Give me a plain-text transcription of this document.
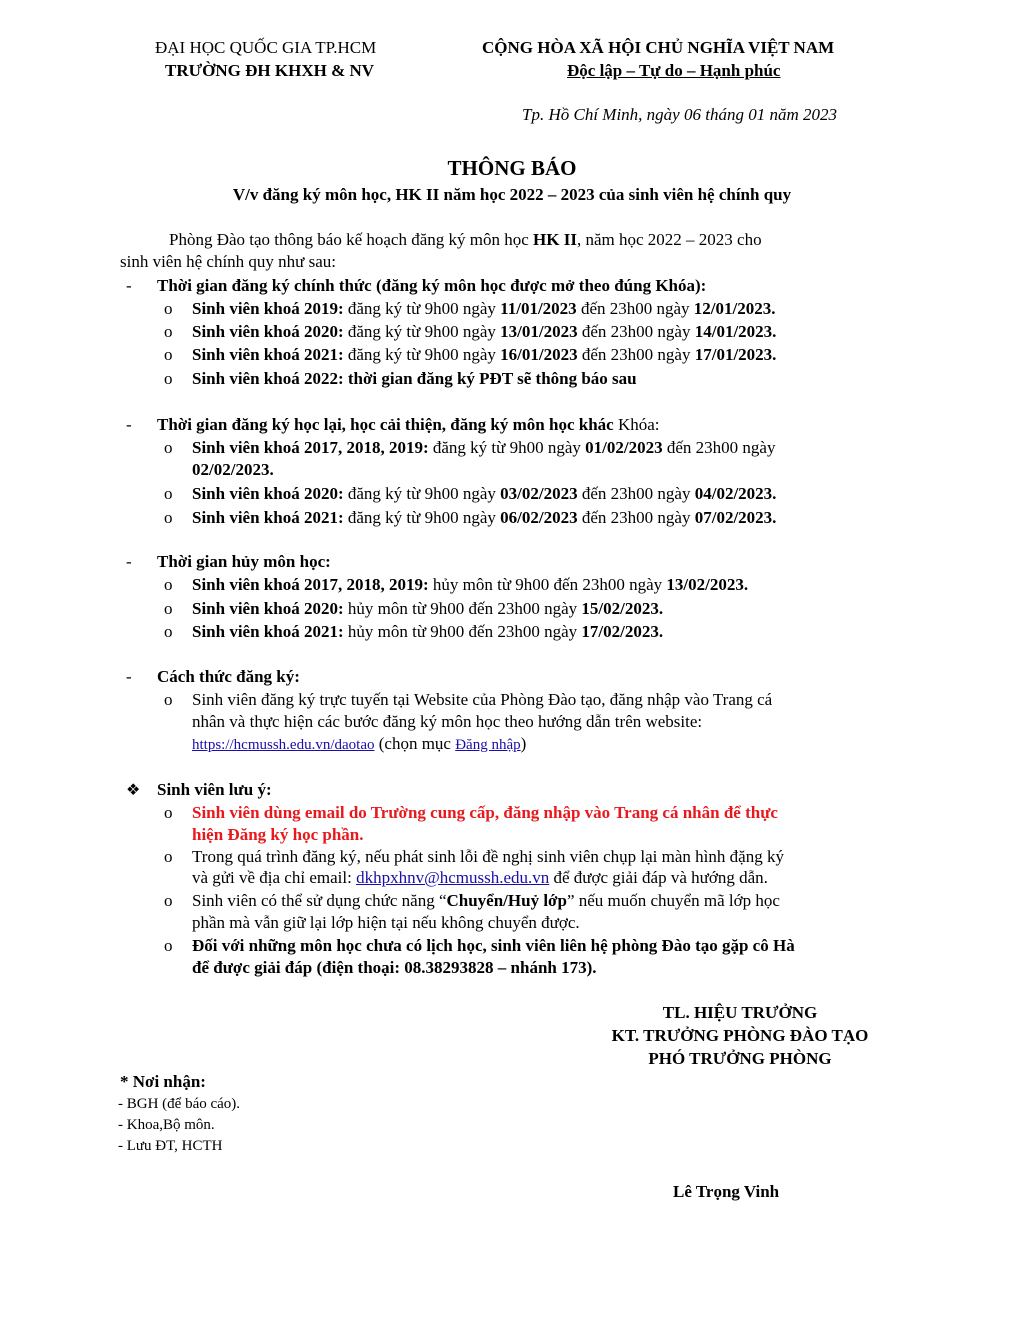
ĐẠI HỌC QUỐC GIA TP.HCM
TRƯỜNG ĐH KHXH & NV
CỘNG HÒA XÃ HỘI CHỦ NGHĨA VIỆT NAM
Độc lập – Tự do – Hạnh phúc
Tp. Hồ Chí Minh, ngày 06 tháng 01 năm 2023
THÔNG BÁO
V/v đăng ký môn học, HK II năm học 2022 – 2023 của sinh viên hệ chính quy
Phòng Đào tạo thông báo kế hoạch đăng ký môn học HK II, năm học 2022 – 2023 cho
sinh viên hệ chính quy như sau:
- Thời gian đăng ký chính thức (đăng ký môn học được mở theo đúng Khóa):
o Sinh viên khoá 2019: đăng ký từ 9h00 ngày 11/01/2023 đến 23h00 ngày 12/01/2023.
o Sinh viên khoá 2020: đăng ký từ 9h00 ngày 13/01/2023 đến 23h00 ngày 14/01/2023.
o Sinh viên khoá 2021: đăng ký từ 9h00 ngày 16/01/2023 đến 23h00 ngày 17/01/2023.
o Sinh viên khoá 2022: thời gian đăng ký PĐT sẽ thông báo sau
- Thời gian đăng ký học lại, học cải thiện, đăng ký môn học khác Khóa:
o Sinh viên khoá 2017, 2018, 2019: đăng ký từ 9h00 ngày 01/02/2023 đến 23h00 ngày
02/02/2023.
o Sinh viên khoá 2020: đăng ký từ 9h00 ngày 03/02/2023 đến 23h00 ngày 04/02/2023.
o Sinh viên khoá 2021: đăng ký từ 9h00 ngày 06/02/2023 đến 23h00 ngày 07/02/2023.
- Thời gian hủy môn học:
o Sinh viên khoá 2017, 2018, 2019: hủy môn từ 9h00 đến 23h00 ngày 13/02/2023.
o Sinh viên khoá 2020: hủy môn từ 9h00 đến 23h00 ngày 15/02/2023.
o Sinh viên khoá 2021: hủy môn từ 9h00 đến 23h00 ngày 17/02/2023.
- Cách thức đăng ký:
o Sinh viên đăng ký trực tuyến tại Website của Phòng Đào tạo, đăng nhập vào Trang cá
nhân và thực hiện các bước đăng ký môn học theo hướng dẫn trên website:
https://hcmussh.edu.vn/daotao (chọn mục Đăng nhập)
❖ Sinh viên lưu ý:
o Sinh viên dùng email do Trường cung cấp, đăng nhập vào Trang cá nhân để thực
hiện Đăng ký học phần.
o Trong quá trình đăng ký, nếu phát sinh lỗi đề nghị sinh viên chụp lại màn hình đặng ký
và gửi về địa chỉ email: dkhpxhnv@hcmussh.edu.vn để được giải đáp và hướng dẫn.
o Sinh viên có thể sử dụng chức năng “Chuyển/Huỷ lớp” nếu muốn chuyển mã lớp học
phần mà vẫn giữ lại lớp hiện tại nếu không chuyển được.
o Đối với những môn học chưa có lịch học, sinh viên liên hệ phòng Đào tạo gặp cô Hà
để được giải đáp (điện thoại: 08.38293828 – nhánh 173).
TL. HIỆU TRƯỞNG
KT. TRƯỞNG PHÒNG ĐÀO TẠO
PHÓ TRƯỞNG PHÒNG
* Nơi nhận:
- BGH (để báo cáo).
- Khoa,Bộ môn.
- Lưu ĐT, HCTH
Lê Trọng Vinh
